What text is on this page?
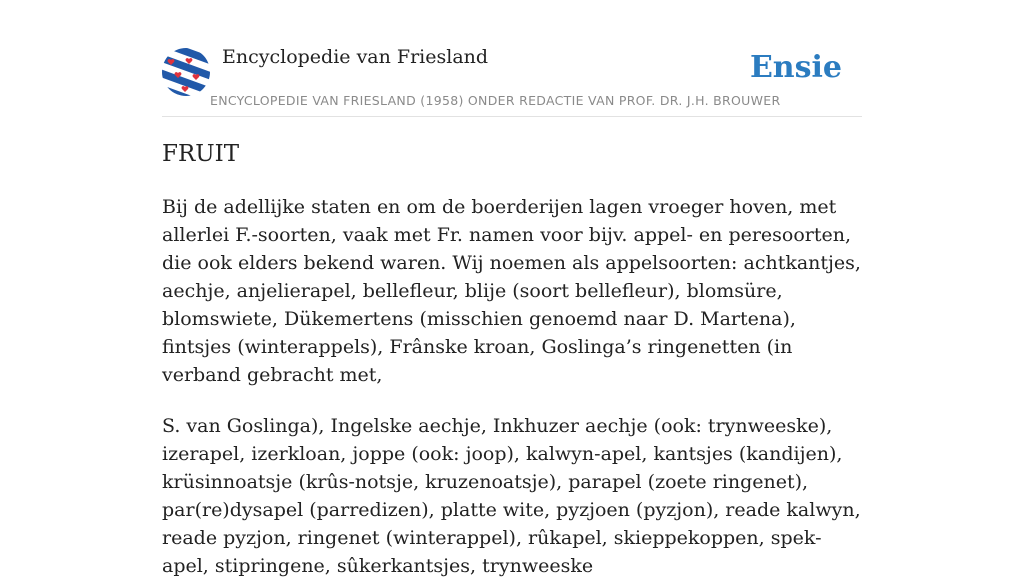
Encyclopedie van Friesland
ENCYCLOPEDIE VAN FRIESLAND (1958) ONDER REDACTIE VAN PROF. DR. J.H. BROUWER
Ensie
FRUIT

Bij de adellijke staten en om de boerderijen lagen vroeger hoven, met allerlei F.-soorten, vaak met Fr. namen voor bijv. appel- en peresoorten, die ook elders bekend waren. Wij noemen als appelsoorten: achtkantjes, aechje, anjelierapel, bellefleur, blije (soort bellefleur), blomsüre, blomswiete, Dükemertens (misschien genoemd naar D. Martena), fintsjes (winterappels), Frânske kroan, Goslinga’s ringenetten (in verband gebracht met,

S. van Goslinga), Ingelske aechje, Inkhuzer aechje (ook: trynweeske), izerapel, izerkloan, joppe (ook: joop), kalwyn-apel, kantsjes (kandijen), krüsinnoatsje (krûs-notsje, kruzenoatsje), parapel (zoete ringenet), par(re)dysapel (parredizen), platte wite, pyzjoen (pyzjon), reade kalwyn, reade pyzjon, ringenet (winterappel), rûkapel, skieppekoppen, spek-apel, stipringene, sûkerkantsjes, trynweeske
